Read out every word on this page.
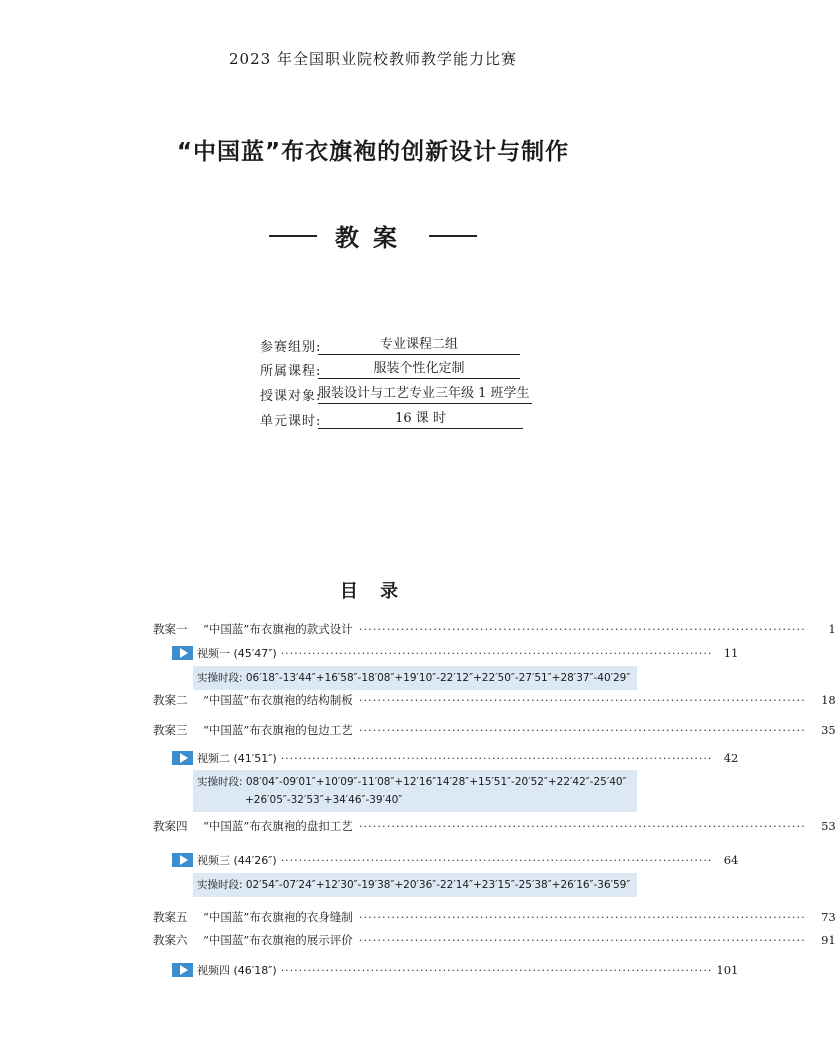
2023 年全国职业院校教师教学能力比赛
“中国蓝”布衣旗袍的创新设计与制作
教案
参赛组别:	专业课程二组
所属课程:	服装个性化定制
授课对象:
服装设计与工艺专业三年级 1 班学生
单元课时:	16 课 时
目 录
教案一	“中国蓝”布衣旗袍的款式设计 ································································································	1
视频一 (45′47″) ································································································ 11
实操时段: 06′18″-13′44″+16′58″-18′08″+19′10″-22′12″+22′50″-27′51″+28′37″-40′29″
教案二	“中国蓝”布衣旗袍的结构制板 ································································································	18
教案三	“中国蓝”布衣旗袍的包边工艺 ································································································	35
视频二 (41′51″) ································································································ 42
实操时段: 08′04″-09′01″+10′09″-11′08″+12′16″14′28″+15′51″-20′52″+22′42″-25′40″
+26′05″-32′53″+34′46″-39′40″
教案四	“中国蓝”布衣旗袍的盘扣工艺 ································································································	53
视频三 (44′26″) ································································································ 64
实操时段: 02′54″-07′24″+12′30″-19′38″+20′36″-22′14″+23′15″-25′38″+26′16″-36′59″
教案五	“中国蓝”布衣旗袍的衣身缝制 ································································································	73
教案六	“中国蓝”布衣旗袍的展示评价 ································································································	91
视频四 (46′18″) ································································································ 101
